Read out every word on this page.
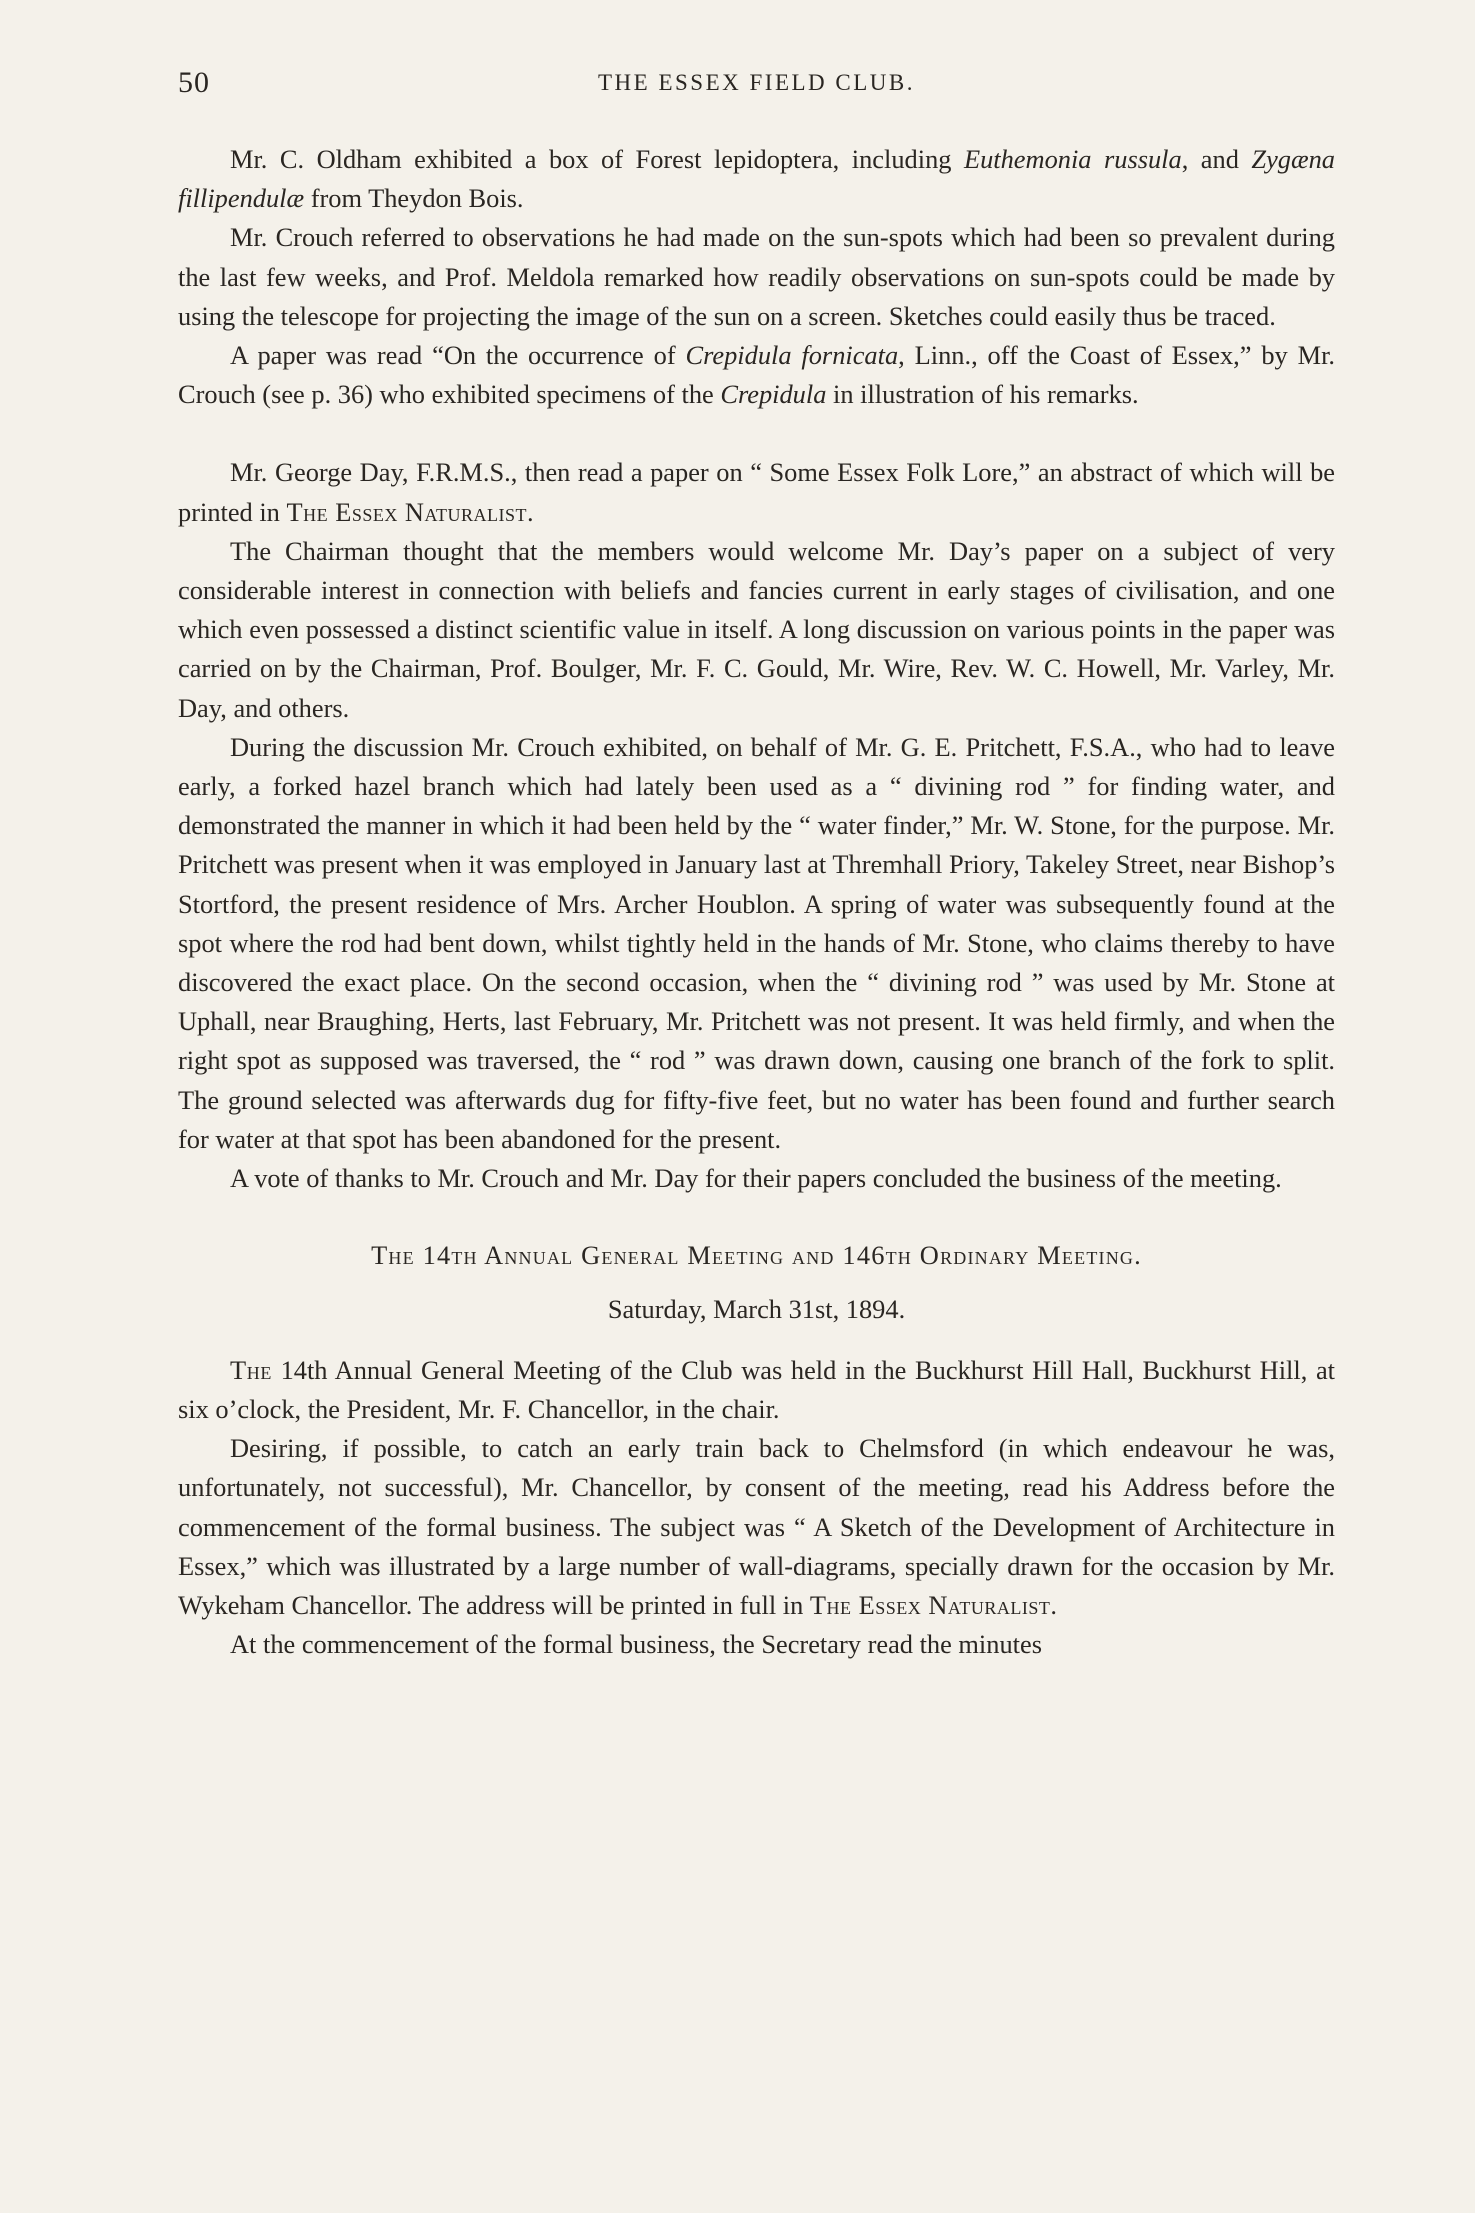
50	THE ESSEX FIELD CLUB.

Mr. C. Oldham exhibited a box of Forest lepidoptera, including Euthemonia russula, and Zygæna fillipendulæ from Theydon Bois.

Mr. Crouch referred to observations he had made on the sun-spots which had been so prevalent during the last few weeks, and Prof. Meldola remarked how readily observations on sun-spots could be made by using the telescope for projecting the image of the sun on a screen. Sketches could easily thus be traced.

A paper was read “On the occurrence of Crepidula fornicata, Linn., off the Coast of Essex,” by Mr. Crouch (see p. 36) who exhibited specimens of the Crepidula in illustration of his remarks.

Mr. George Day, F.R.M.S., then read a paper on “ Some Essex Folk Lore,” an abstract of which will be printed in The Essex Naturalist.

The Chairman thought that the members would welcome Mr. Day’s paper on a subject of very considerable interest in connection with beliefs and fancies current in early stages of civilisation, and one which even possessed a distinct scientific value in itself. A long discussion on various points in the paper was carried on by the Chairman, Prof. Boulger, Mr. F. C. Gould, Mr. Wire, Rev. W. C. Howell, Mr. Varley, Mr. Day, and others.

During the discussion Mr. Crouch exhibited, on behalf of Mr. G. E. Pritchett, F.S.A., who had to leave early, a forked hazel branch which had lately been used as a “ divining rod ” for finding water, and demonstrated the manner in which it had been held by the “ water finder,” Mr. W. Stone, for the purpose. Mr. Pritchett was present when it was employed in January last at Thremhall Priory, Takeley Street, near Bishop’s Stortford, the present residence of Mrs. Archer Houblon. A spring of water was subsequently found at the spot where the rod had bent down, whilst tightly held in the hands of Mr. Stone, who claims thereby to have discovered the exact place. On the second occasion, when the “ divining rod ” was used by Mr. Stone at Uphall, near Braughing, Herts, last February, Mr. Pritchett was not present. It was held firmly, and when the right spot as supposed was traversed, the “ rod ” was drawn down, causing one branch of the fork to split. The ground selected was afterwards dug for fifty-five feet, but no water has been found and further search for water at that spot has been abandoned for the present.

A vote of thanks to Mr. Crouch and Mr. Day for their papers concluded the business of the meeting.

The 14th Annual General Meeting and 146th Ordinary Meeting.
Saturday, March 31st, 1894.

The 14th Annual General Meeting of the Club was held in the Buckhurst Hill Hall, Buckhurst Hill, at six o’clock, the President, Mr. F. Chancellor, in the chair.

Desiring, if possible, to catch an early train back to Chelmsford (in which endeavour he was, unfortunately, not successful), Mr. Chancellor, by consent of the meeting, read his Address before the commencement of the formal business. The subject was “ A Sketch of the Development of Architecture in Essex,” which was illustrated by a large number of wall-diagrams, specially drawn for the occasion by Mr. Wykeham Chancellor. The address will be printed in full in The Essex Naturalist.

At the commencement of the formal business, the Secretary read the minutes
